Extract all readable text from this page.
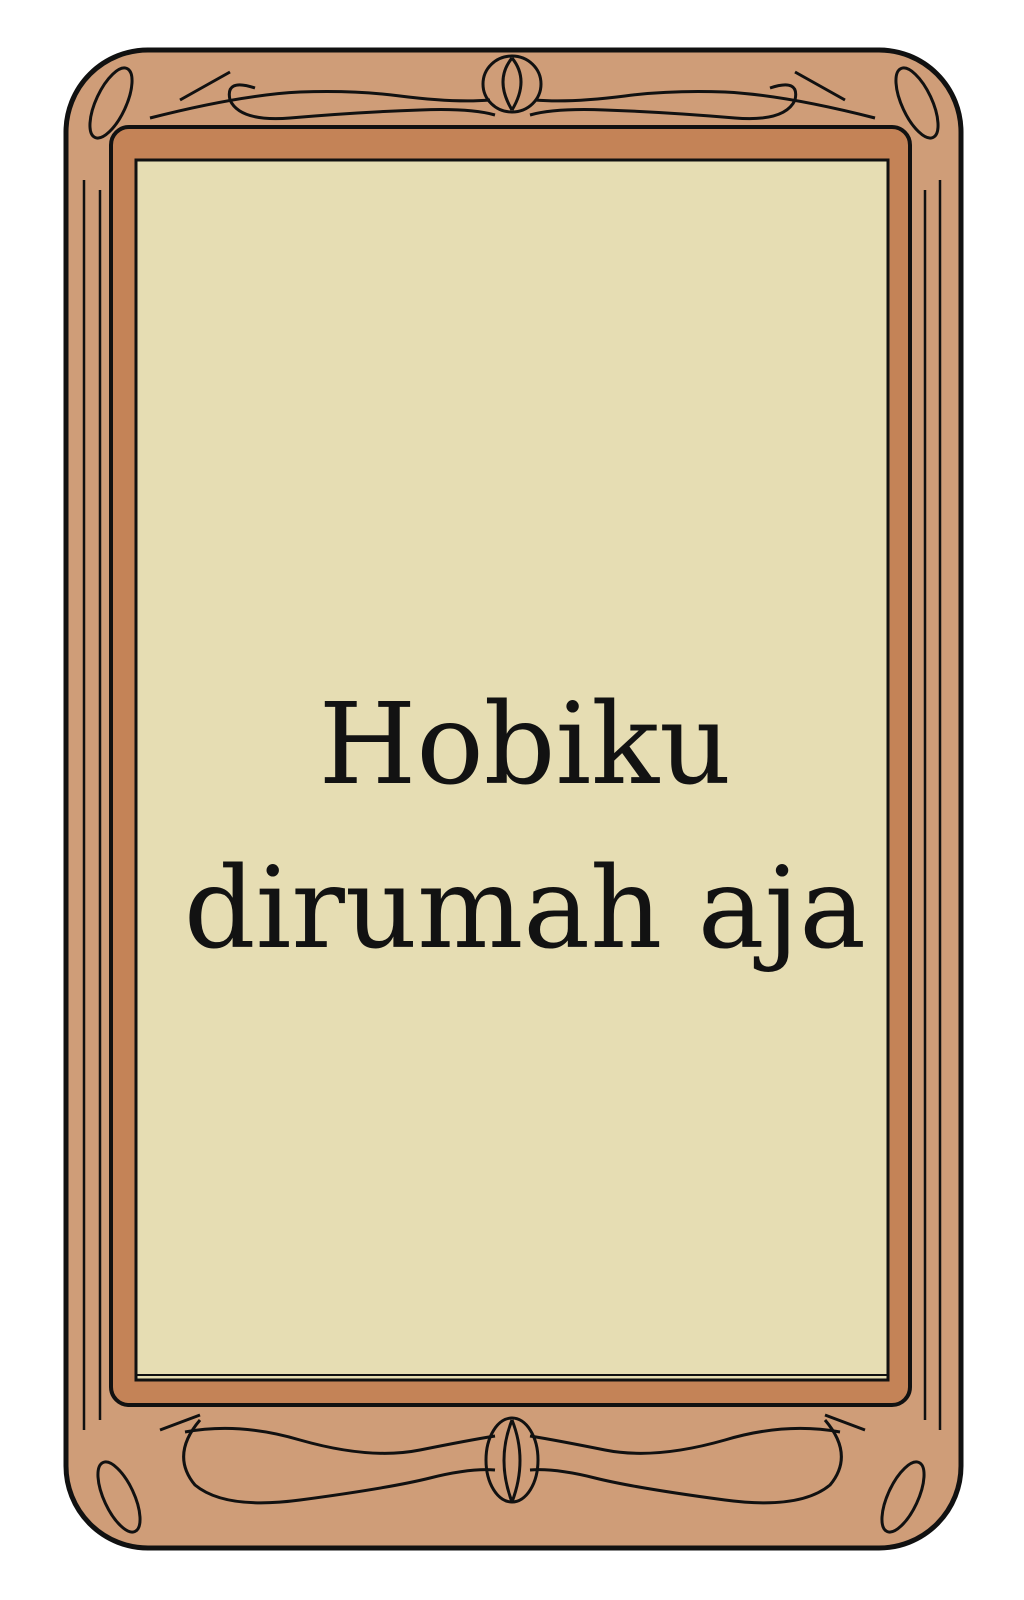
Hobiku
dirumah aja
